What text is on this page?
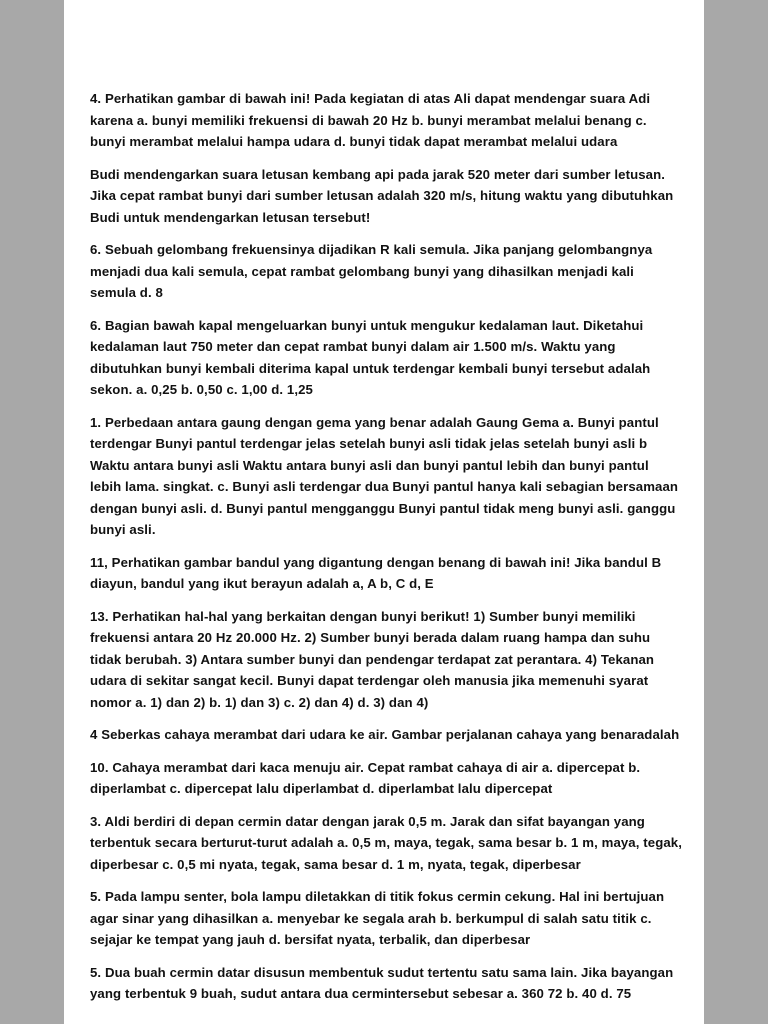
4. Perhatikan gambar di bawah ini! Pada kegiatan di atas Ali dapat mendengar suara Adi karena a. bunyi memiliki frekuensi di bawah 20 Hz b. bunyi merambat melalui benang c. bunyi merambat melalui hampa udara d. bunyi tidak dapat merambat melalui udara

Budi mendengarkan suara letusan kembang api pada jarak 520 meter dari sumber letusan. Jika cepat rambat bunyi dari sumber letusan adalah 320 m/s, hitung waktu yang dibutuhkan Budi untuk mendengarkan letusan tersebut!

6. Sebuah gelombang frekuensinya dijadikan R kali semula. Jika panjang gelombangnya menjadi dua kali semula, cepat rambat gelombang bunyi yang dihasilkan menjadi kali semula d. 8

6. Bagian bawah kapal mengeluarkan bunyi untuk mengukur kedalaman laut. Diketahui kedalaman laut 750 meter dan cepat rambat bunyi dalam air 1.500 m/s. Waktu yang dibutuhkan bunyi kembali diterima kapal untuk terdengar kembali bunyi tersebut adalah sekon. a. 0,25 b. 0,50 c. 1,00 d. 1,25

1. Perbedaan antara gaung dengan gema yang benar adalah Gaung Gema a. Bunyi pantul terdengar Bunyi pantul terdengar jelas setelah bunyi asli tidak jelas setelah bunyi asli b Waktu antara bunyi asli Waktu antara bunyi asli dan bunyi pantul lebih dan bunyi pantul lebih lama. singkat. c. Bunyi asli terdengar dua Bunyi pantul hanya kali sebagian bersamaan dengan bunyi asli. d. Bunyi pantul mengganggu Bunyi pantul tidak meng bunyi asli. ganggu bunyi asli.

11, Perhatikan gambar bandul yang digantung dengan benang di bawah ini! Jika bandul B diayun, bandul yang ikut berayun adalah a, A b, C d, E

13. Perhatikan hal-hal yang berkaitan dengan bunyi berikut! 1) Sumber bunyi memiliki frekuensi antara 20 Hz 20.000 Hz. 2) Sumber bunyi berada dalam ruang hampa dan suhu tidak berubah. 3) Antara sumber bunyi dan pendengar terdapat zat perantara. 4) Tekanan udara di sekitar sangat kecil. Bunyi dapat terdengar oleh manusia jika memenuhi syarat nomor a. 1) dan 2) b. 1) dan 3) c. 2) dan 4) d. 3) dan 4)

4 Seberkas cahaya merambat dari udara ke air. Gambar perjalanan cahaya yang benaradalah

10. Cahaya merambat dari kaca menuju air. Cepat rambat cahaya di air a. dipercepat b. diperlambat c. dipercepat lalu diperlambat d. diperlambat lalu dipercepat

3. Aldi berdiri di depan cermin datar dengan jarak 0,5 m. Jarak dan sifat bayangan yang terbentuk secara berturut-turut adalah a. 0,5 m, maya, tegak, sama besar b. 1 m, maya, tegak, diperbesar c. 0,5 mi nyata, tegak, sama besar d. 1 m, nyata, tegak, diperbesar

5. Pada lampu senter, bola lampu diletakkan di titik fokus cermin cekung. Hal ini bertujuan agar sinar yang dihasilkan a. menyebar ke segala arah b. berkumpul di salah satu titik c. sejajar ke tempat yang jauh d. bersifat nyata, terbalik, dan diperbesar

5. Dua buah cermin datar disusun membentuk sudut tertentu satu sama lain. Jika bayangan yang terbentuk 9 buah, sudut antara dua cermintersebut sebesar a. 360 72 b. 40 d. 75
